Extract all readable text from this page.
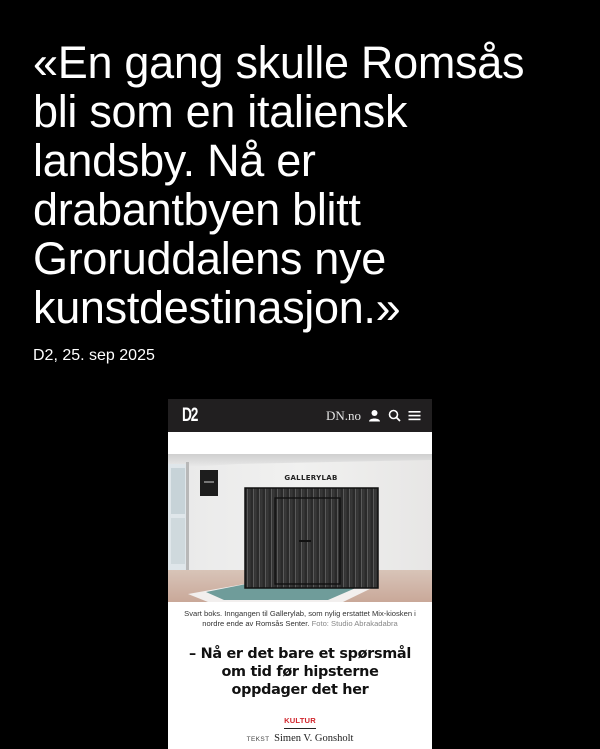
«En gang skulle Romsås
bli som en italiensk
landsby. Nå er
drabantbyen blitt
Groruddalens nye
kunstdestinasjon.»
D2, 25. sep 2025
D2	DN.no
GALLERYLAB
Svart boks. Inngangen til Gallerylab, som nylig erstattet Mix-kiosken i nordre ende av Romsås Senter. Foto: Studio Abrakadabra
– Nå er det bare et spørsmål
om tid før hipsterne
oppdager det her
KULTUR
TEKST Simen V. Gonsholt
